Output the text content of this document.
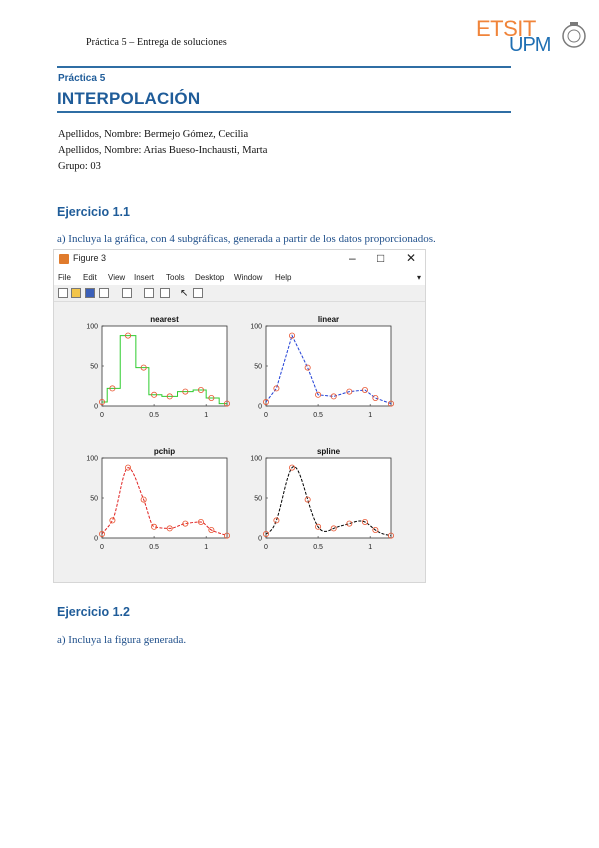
Práctica 5 – Entrega de soluciones
ETSIT
UPM
Práctica 5
INTERPOLACIÓN
Apellidos, Nombre: Bermejo Gómez, Cecilia
Apellidos, Nombre: Arias Bueso-Inchausti, Marta
Grupo: 03
Ejercicio 1.1
a) Incluya la gráfica, con 4 subgráficas, generada a partir de los datos proporcionados.
Figure 3	– □ ✕
File Edit View Insert Tools Desktop Window Help	▾
↖
nearest
0	0.5	1
0
50
100
linear
0	0.5	1
0
50
100
pchip
0	0.5	1
0
50
100
spline
0	0.5	1
0
50
100
Ejercicio 1.2
a) Incluya la figura generada.
